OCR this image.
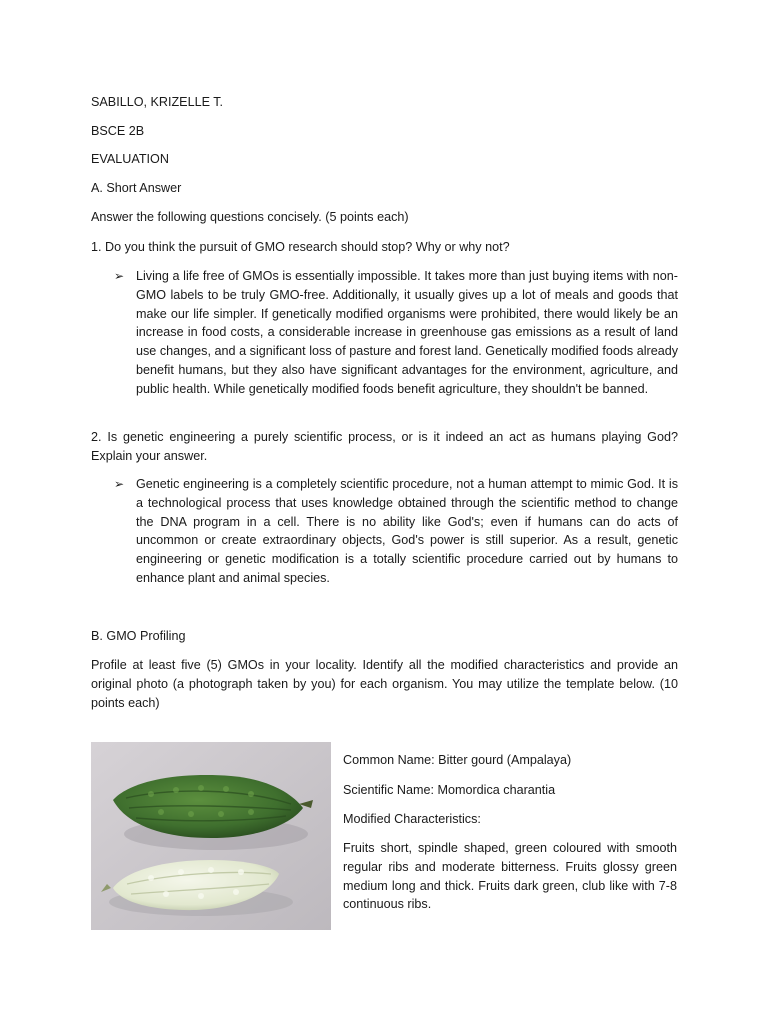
SABILLO, KRIZELLE T.
BSCE 2B
EVALUATION
A. Short Answer
Answer the following questions concisely. (5 points each)
1. Do you think the pursuit of GMO research should stop? Why or why not?
➢ Living a life free of GMOs is essentially impossible. It takes more than just buying items with non-GMO labels to be truly GMO-free. Additionally, it usually gives up a lot of meals and goods that make our life simpler. If genetically modified organisms were prohibited, there would likely be an increase in food costs, a considerable increase in greenhouse gas emissions as a result of land use changes, and a significant loss of pasture and forest land. Genetically modified foods already benefit humans, but they also have significant advantages for the environment, agriculture, and public health. While genetically modified foods benefit agriculture, they shouldn't be banned.
2. Is genetic engineering a purely scientific process, or is it indeed an act as humans playing God? Explain your answer.
➢ Genetic engineering is a completely scientific procedure, not a human attempt to mimic God. It is a technological process that uses knowledge obtained through the scientific method to change the DNA program in a cell. There is no ability like God's; even if humans can do acts of uncommon or create extraordinary objects, God's power is still superior. As a result, genetic engineering or genetic modification is a totally scientific procedure carried out by humans to enhance plant and animal species.
B. GMO Profiling
Profile at least five (5) GMOs in your locality. Identify all the modified characteristics and provide an original photo (a photograph taken by you) for each organism. You may utilize the template below. (10 points each)
Common Name: Bitter gourd (Ampalaya)
Scientific Name: Momordica charantia
Modified Characteristics:
Fruits short, spindle shaped, green coloured with smooth regular ribs and moderate bitterness. Fruits glossy green medium long and thick. Fruits dark green, club like with 7-8 continuous ribs.
